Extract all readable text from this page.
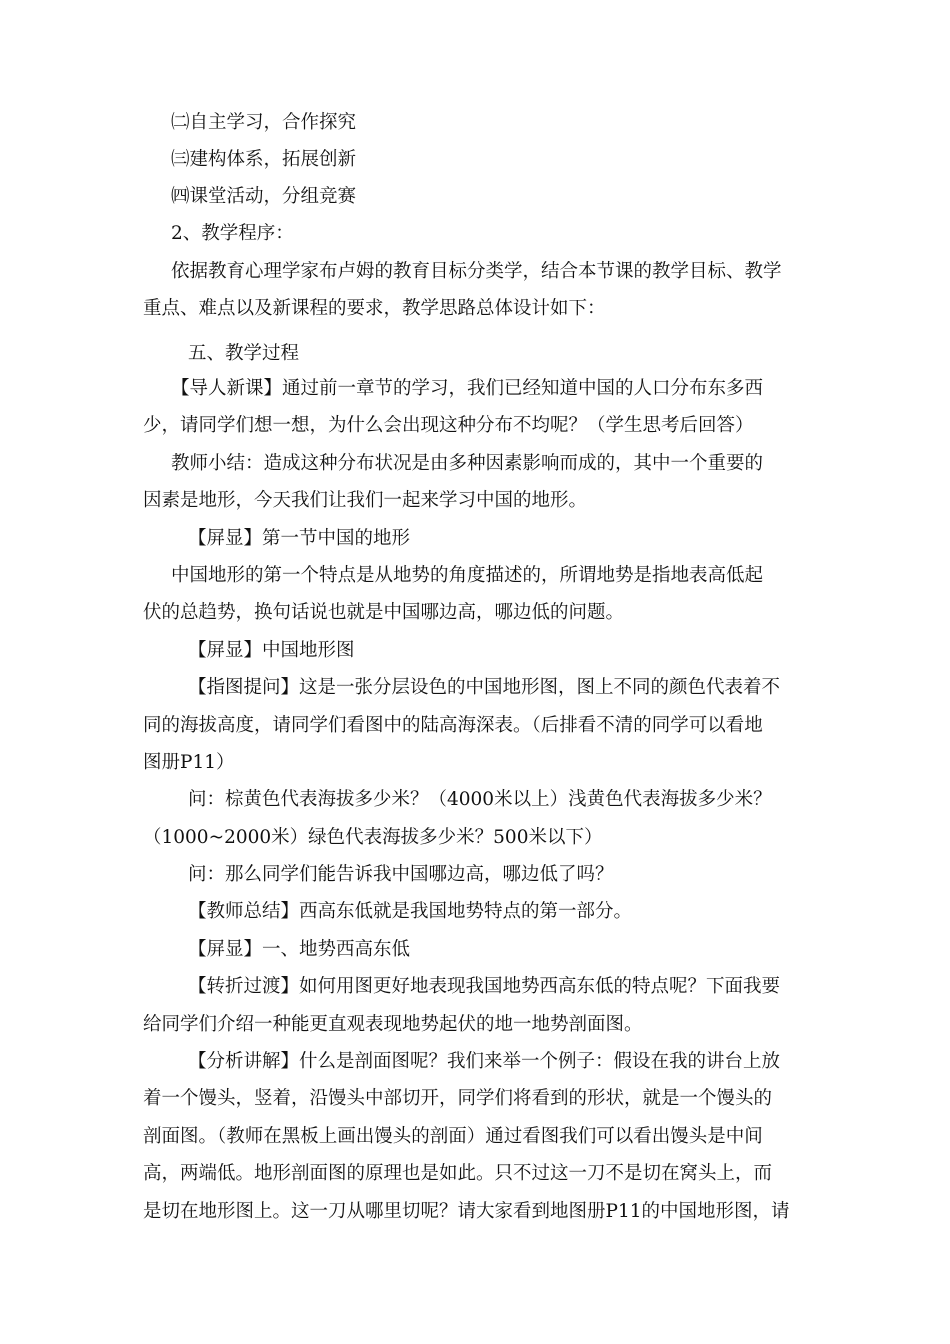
㈡自主学习，合作探究
㈢建构体系，拓展创新
㈣课堂活动，分组竞赛
2、教学程序：
依据教育心理学家布卢姆的教育目标分类学，结合本节课的教学目标、教学
重点、难点以及新课程的要求，教学思路总体设计如下：
五、教学过程
【导人新课】通过前一章节的学习，我们已经知道中国的人口分布东多西
少，请同学们想一想，为什么会出现这种分布不均呢？（学生思考后回答）
教师小结：造成这种分布状况是由多种因素影响而成的，其中一个重要的
因素是地形，今天我们让我们一起来学习中国的地形。
【屏显】第一节中国的地形
中国地形的第一个特点是从地势的角度描述的，所谓地势是指地表高低起
伏的总趋势，换句话说也就是中国哪边高，哪边低的问题。
【屏显】中国地形图
【指图提问】这是一张分层设色的中国地形图，图上不同的颜色代表着不
同的海拔高度，请同学们看图中的陆高海深表。（后排看不清的同学可以看地
图册P11）
问：棕黄色代表海拔多少米？（4000米以上）浅黄色代表海拔多少米？
（1000~2000米）绿色代表海拔多少米？500米以下）
问：那么同学们能告诉我中国哪边高，哪边低了吗？
【教师总结】西高东低就是我国地势特点的第一部分。
【屏显】一、地势西高东低
【转折过渡】如何用图更好地表现我国地势西高东低的特点呢？下面我要
给同学们介绍一种能更直观表现地势起伏的地一地势剖面图。
【分析讲解】什么是剖面图呢？我们来举一个例子：假设在我的讲台上放
着一个馒头，竖着，沿馒头中部切开，同学们将看到的形状，就是一个馒头的
剖面图。（教师在黑板上画出馒头的剖面）通过看图我们可以看出馒头是中间
高，两端低。地形剖面图的原理也是如此。只不过这一刀不是切在窝头上，而
是切在地形图上。这一刀从哪里切呢？请大家看到地图册P11的中国地形图，请
